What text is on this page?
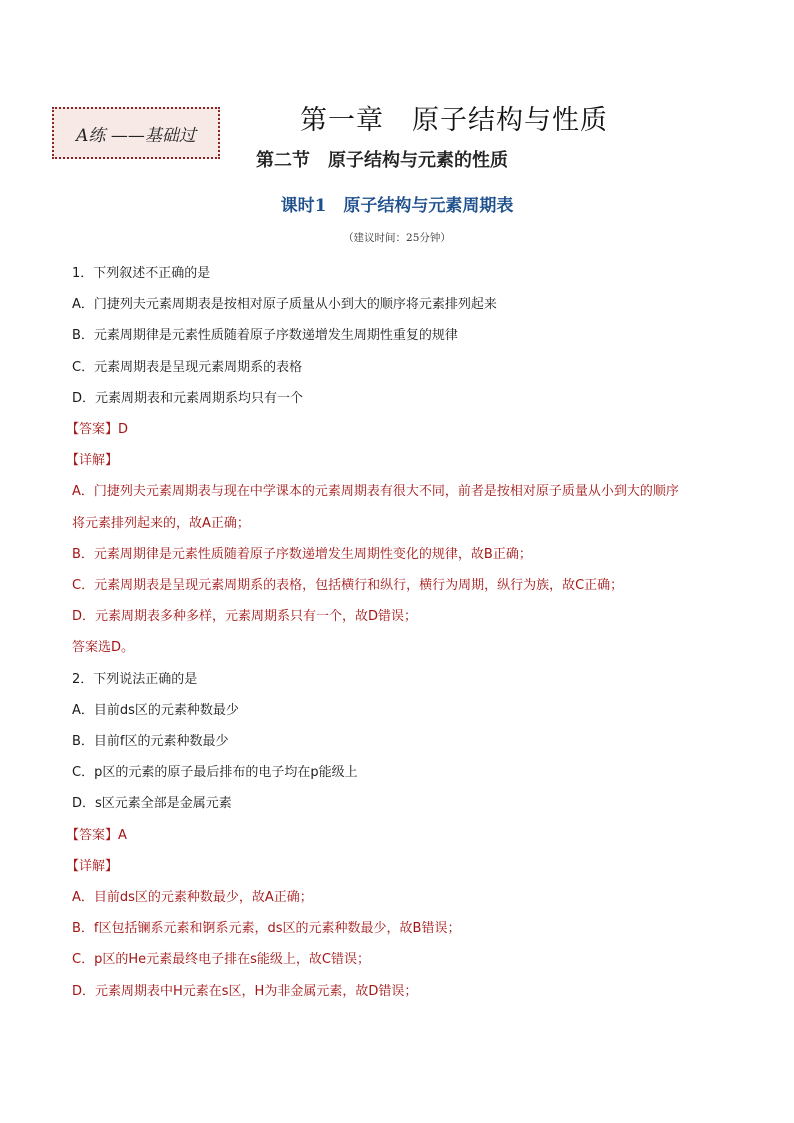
A练 ——基础过	第一章　原子结构与性质
第二节　原子结构与元素的性质
课时1　原子结构与元素周期表
（建议时间：25分钟）
1．下列叙述不正确的是
A．门捷列夫元素周期表是按相对原子质量从小到大的顺序将元素排列起来
B．元素周期律是元素性质随着原子序数递增发生周期性重复的规律
C．元素周期表是呈现元素周期系的表格
D．元素周期表和元素周期系均只有一个
【答案】D
【详解】
A．门捷列夫元素周期表与现在中学课本的元素周期表有很大不同，前者是按相对原子质量从小到大的顺序
将元素排列起来的，故A正确；
B．元素周期律是元素性质随着原子序数递增发生周期性变化的规律，故B正确；
C．元素周期表是呈现元素周期系的表格，包括横行和纵行，横行为周期，纵行为族，故C正确；
D．元素周期表多种多样，元素周期系只有一个，故D错误；
答案选D。
2．下列说法正确的是
A．目前ds区的元素种数最少
B．目前f区的元素种数最少
C．p区的元素的原子最后排布的电子均在p能级上
D．s区元素全部是金属元素
【答案】A
【详解】
A．目前ds区的元素种数最少，故A正确；
B．f区包括镧系元素和锕系元素，ds区的元素种数最少，故B错误；
C．p区的He元素最终电子排在s能级上，故C错误；
D．元素周期表中H元素在s区，H为非金属元素，故D错误；
